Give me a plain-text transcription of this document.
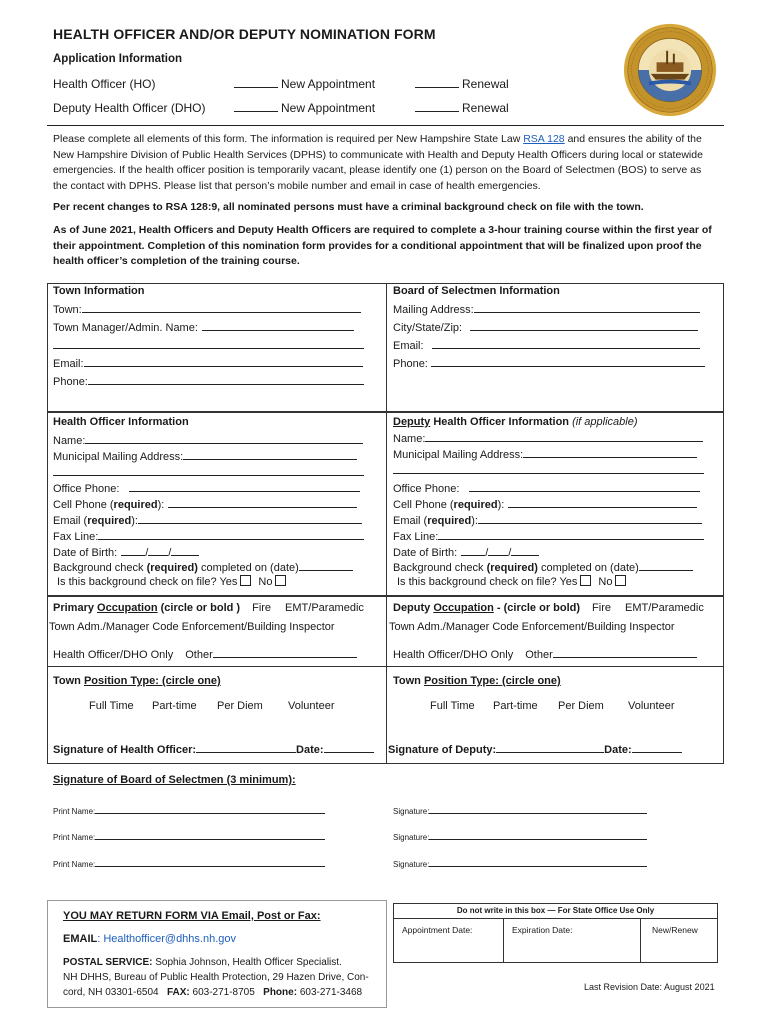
HEALTH OFFICER AND/OR DEPUTY NOMINATION FORM
Application Information
Health Officer (HO)	New Appointment	Renewal
Deputy Health Officer (DHO)	New Appointment	Renewal
Please complete all elements of this form. The information is required per New Hampshire State Law RSA 128 and ensures the ability of the New Hampshire Division of Public Health Services (DPHS) to communicate with Health and Deputy Health Officers during local or statewide emergencies. If the health officer position is temporarily vacant, please identify one (1) person on the Board of Selectmen (BOS) to serve as the contact with DPHS. Please list that person’s mobile number and email in case of health emergencies.
Per recent changes to RSA 128:9, all nominated persons must have a criminal background check on file with the town.
As of June 2021, Health Officers and Deputy Health Officers are required to complete a 3-hour training course within the first year of their appointment. Completion of this nomination form provides for a conditional appointment that will be finalized upon proof the health officer’s completion of the training course.
Town Information
Town:
Town Manager/Admin. Name:
Email:
Phone:
Board of Selectmen Information
Mailing Address:
City/State/Zip:
Email:
Phone:
Health Officer Information
Name:
Municipal Mailing Address:
Office Phone:
Cell Phone (required):
Email (required):
Fax Line:
Date of Birth:	/ /
Background check (required) completed on (date)
Is this background check on file? Yes No
Deputy Health Officer Information (if applicable)
Name:
Municipal Mailing Address:
Office Phone:
Cell Phone (required):
Email (required):
Fax Line:
Date of Birth:	/ /
Background check (required) completed on (date)
Is this background check on file? Yes No
Primary Occupation (circle or bold ) Fire EMT/Paramedic
Town Adm./Manager Code Enforcement/Building Inspector
Health Officer/DHO Only Other
Deputy Occupation - (circle or bold) Fire EMT/Paramedic
Town Adm./Manager Code Enforcement/Building Inspector
Health Officer/DHO Only Other
Town Position Type: (circle one)
Full Time Part-time Per Diem Volunteer
Town Position Type: (circle one)
Full Time Part-time Per Diem Volunteer
Signature of Health Officer:	Date:	Signature of Deputy:	Date:
Signature of Board of Selectmen (3 minimum):
Print Name:	Signature:
Print Name:	Signature:
Print Name:	Signature:
YOU MAY RETURN FORM VIA Email, Post or Fax:
EMAIL: Healthofficer@dhhs.nh.gov
POSTAL SERVICE: Sophia Johnson, Health Officer Specialist.
NH DHHS, Bureau of Public Health Protection, 29 Hazen Drive, Con-
cord, NH 03301-6504 FAX: 603-271-8705 Phone: 603-271-3468
Do not write in this box — For State Office Use Only
Appointment Date:	Expiration Date:	New/Renew
Last Revision Date: August 2021
